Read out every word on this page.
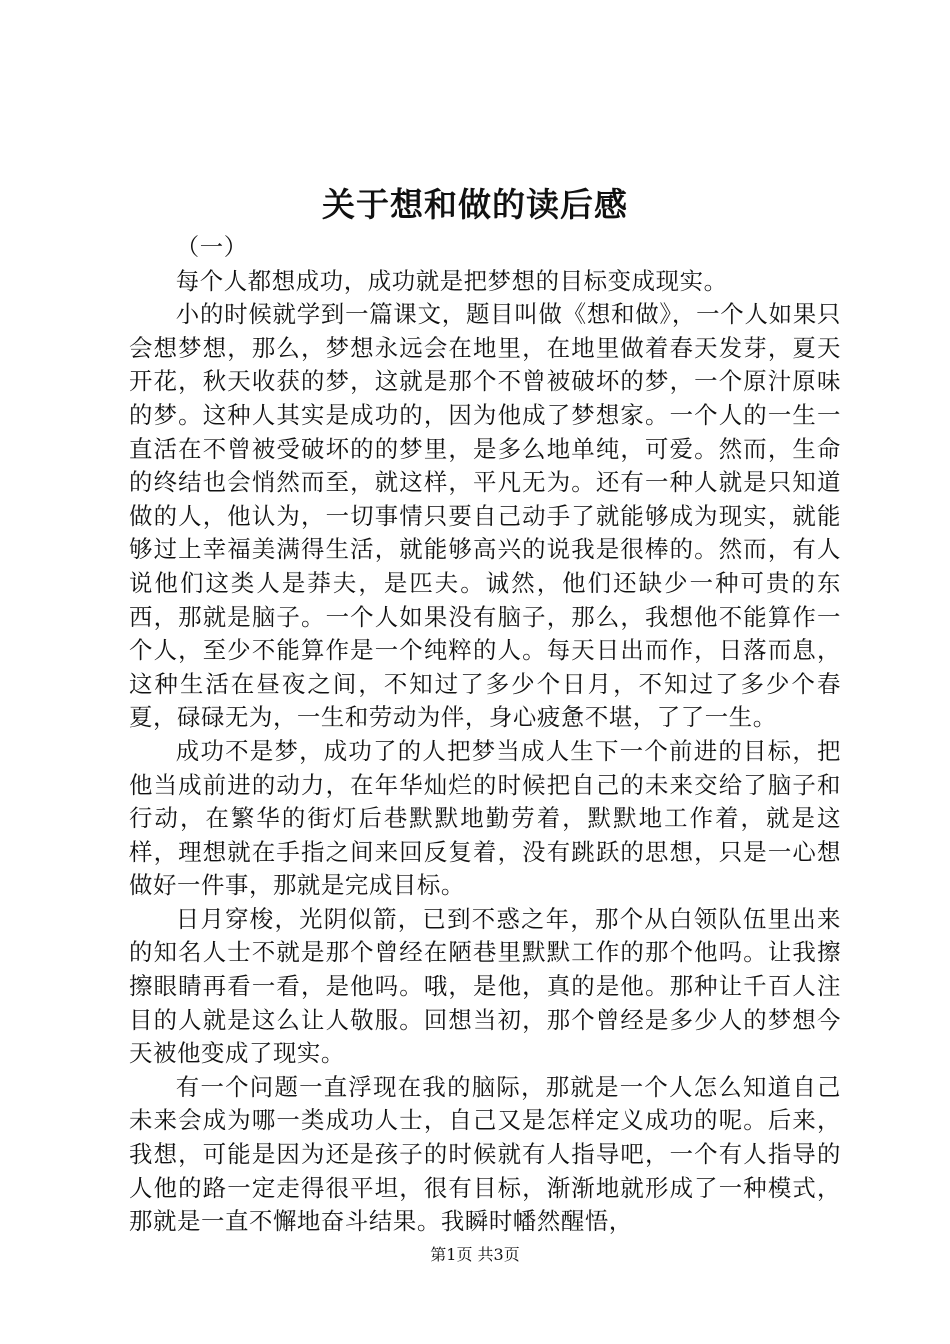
关于想和做的读后感

（一）

每个人都想成功，成功就是把梦想的目标变成现实。

小的时候就学到一篇课文，题目叫做《想和做》，一个人如果只会想梦想，那么，梦想永远会在地里，在地里做着春天发芽，夏天开花，秋天收获的梦，这就是那个不曾被破坏的梦，一个原汁原味的梦。这种人其实是成功的，因为他成了梦想家。一个人的一生一直活在不曾被受破坏的的梦里，是多么地单纯，可爱。然而，生命的终结也会悄然而至，就这样，平凡无为。还有一种人就是只知道做的人，他认为，一切事情只要自己动手了就能够成为现实，就能够过上幸福美满得生活，就能够高兴的说我是很棒的。然而，有人说他们这类人是莽夫，是匹夫。诚然，他们还缺少一种可贵的东西，那就是脑子。一个人如果没有脑子，那么，我想他不能算作一个人，至少不能算作是一个纯粹的人。每天日出而作，日落而息，这种生活在昼夜之间，不知过了多少个日月，不知过了多少个春夏，碌碌无为，一生和劳动为伴，身心疲惫不堪，了了一生。

成功不是梦，成功了的人把梦当成人生下一个前进的目标，把他当成前进的动力，在年华灿烂的时候把自己的未来交给了脑子和行动，在繁华的街灯后巷默默地勤劳着，默默地工作着，就是这样，理想就在手指之间来回反复着，没有跳跃的思想，只是一心想做好一件事，那就是完成目标。

日月穿梭，光阴似箭，已到不惑之年，那个从白领队伍里出来的知名人士不就是那个曾经在陋巷里默默工作的那个他吗。让我擦擦眼睛再看一看，是他吗。哦，是他，真的是他。那种让千百人注目的人就是这么让人敬服。回想当初，那个曾经是多少人的梦想今天被他变成了现实。

有一个问题一直浮现在我的脑际，那就是一个人怎么知道自己未来会成为哪一类成功人士，自己又是怎样定义成功的呢。后来，我想，可能是因为还是孩子的时候就有人指导吧，一个有人指导的人他的路一定走得很平坦，很有目标，渐渐地就形成了一种模式，那就是一直不懈地奋斗结果。我瞬时幡然醒悟，

第1页 共3页
